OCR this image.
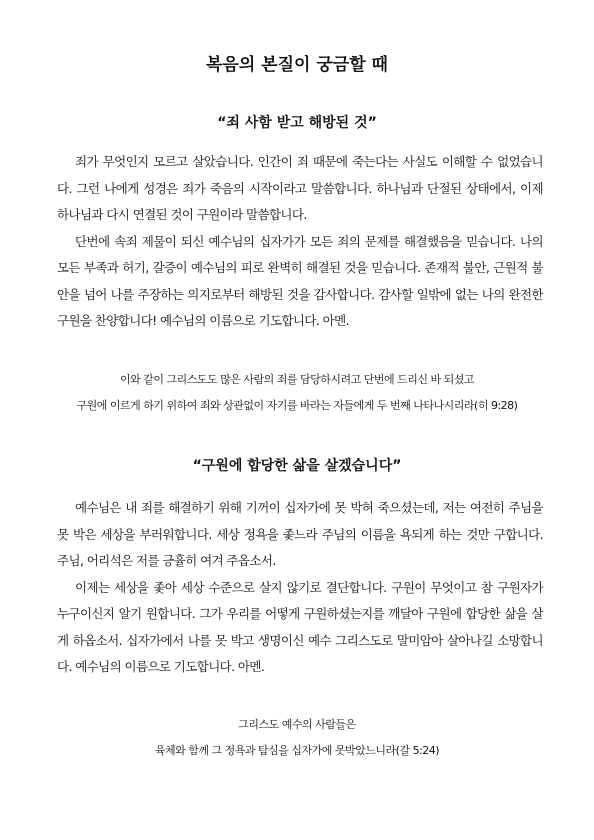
복음의 본질이 궁금할 때
“죄 사함 받고 해방된 것”

죄가 무엇인지 모르고 살았습니다. 인간이 죄 때문에 죽는다는 사실도 이해할 수 없었습니다. 그런 나에게 성경은 죄가 죽음의 시작이라고 말씀합니다. 하나님과 단절된 상태에서, 이제 하나님과 다시 연결된 것이 구원이라 말씀합니다.

단번에 속죄 제물이 되신 예수님의 십자가가 모든 죄의 문제를 해결했음을 믿습니다. 나의 모든 부족과 허기, 갈증이 예수님의 피로 완벽히 해결된 것을 믿습니다. 존재적 불안, 근원적 불안을 넘어 나를 주장하는 의지로부터 해방된 것을 감사합니다. 감사할 일밖에 없는 나의 완전한 구원을 찬양합니다! 예수님의 이름으로 기도합니다. 아멘.

이와 같이 그리스도도 많은 사람의 죄를 담당하시려고 단번에 드리신 바 되셨고
구원에 이르게 하기 위하여 죄와 상관없이 자기를 바라는 자들에게 두 번째 나타나시리라(히 9:28)
“구원에 합당한 삶을 살겠습니다”

예수님은 내 죄를 해결하기 위해 기꺼이 십자가에 못 박혀 죽으셨는데, 저는 여전히 주님을 못 박은 세상을 부러워합니다. 세상 정욕을 좇느라 주님의 이름을 욕되게 하는 것만 구합니다. 주님, 어리석은 저를 긍휼히 여겨 주옵소서.

이제는 세상을 좇아 세상 수준으로 살지 않기로 결단합니다. 구원이 무엇이고 참 구원자가 누구이신지 알기 원합니다. 그가 우리를 어떻게 구원하셨는지를 깨달아 구원에 합당한 삶을 살게 하옵소서. 십자가에서 나를 못 박고 생명이신 예수 그리스도로 말미암아 살아나길 소망합니다. 예수님의 이름으로 기도합니다. 아멘.

그리스도 예수의 사람들은
육체와 함께 그 정욕과 탐심을 십자가에 못박았느니라(갈 5:24)
